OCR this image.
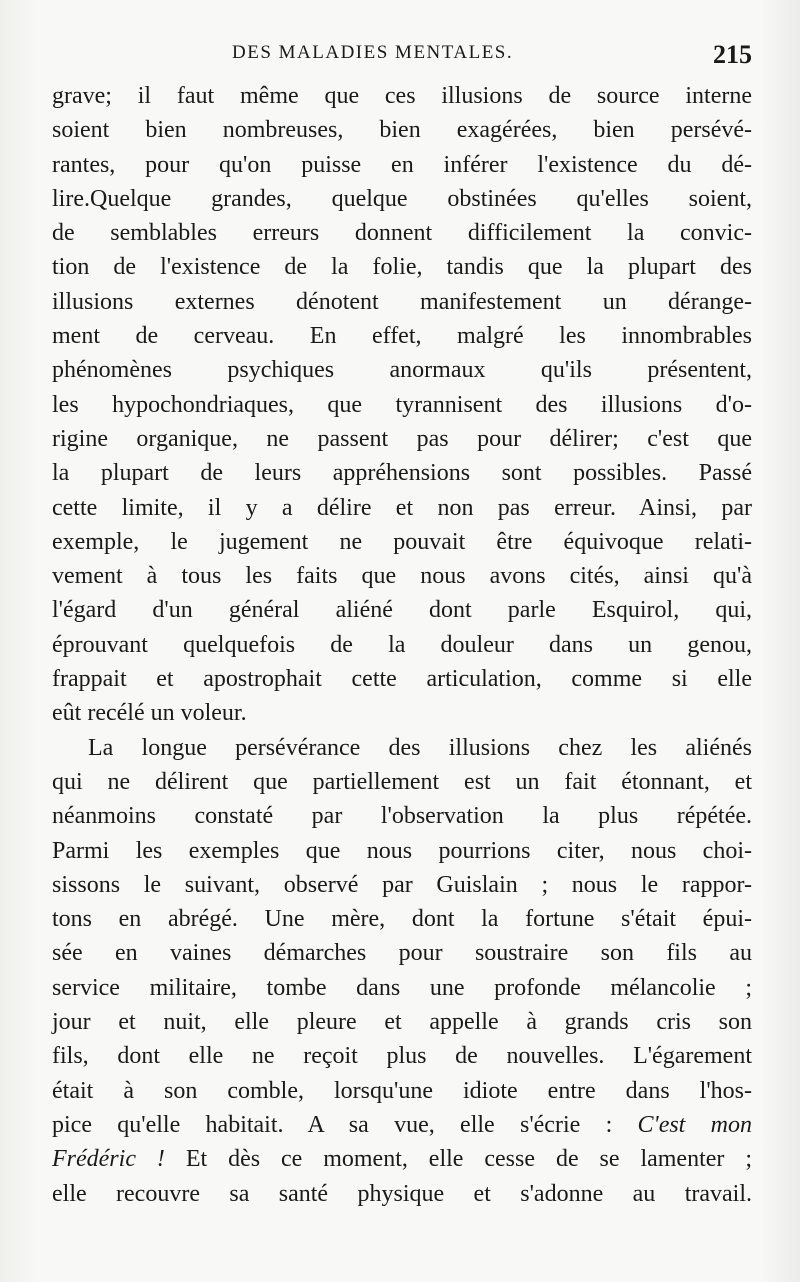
DES MALADIES MENTALES.	215
grave; il faut même que ces illusions de source interne
soient bien nombreuses, bien exagérées, bien persévé-
rantes, pour qu'on puisse en inférer l'existence du dé-
lire.Quelque grandes, quelque obstinées qu'elles soient,
de semblables erreurs donnent difficilement la convic-
tion de l'existence de la folie, tandis que la plupart des
illusions externes dénotent manifestement un dérange-
ment de cerveau. En effet, malgré les innombrables
phénomènes psychiques anormaux qu'ils présentent,
les hypochondriaques, que tyrannisent des illusions d'o-
rigine organique, ne passent pas pour délirer; c'est que
la plupart de leurs appréhensions sont possibles. Passé
cette limite, il y a délire et non pas erreur. Ainsi, par
exemple, le jugement ne pouvait être équivoque relati-
vement à tous les faits que nous avons cités, ainsi qu'à
l'égard d'un général aliéné dont parle Esquirol, qui,
éprouvant quelquefois de la douleur dans un genou,
frappait et apostrophait cette articulation, comme si elle
eût recélé un voleur.
La longue persévérance des illusions chez les aliénés
qui ne délirent que partiellement est un fait étonnant, et
néanmoins constaté par l'observation la plus répétée.
Parmi les exemples que nous pourrions citer, nous choi-
sissons le suivant, observé par Guislain ; nous le rappor-
tons en abrégé. Une mère, dont la fortune s'était épui-
sée en vaines démarches pour soustraire son fils au
service militaire, tombe dans une profonde mélancolie ;
jour et nuit, elle pleure et appelle à grands cris son
fils, dont elle ne reçoit plus de nouvelles. L'égarement
était à son comble, lorsqu'une idiote entre dans l'hos-
pice qu'elle habitait. A sa vue, elle s'écrie : C'est mon
Frédéric ! Et dès ce moment, elle cesse de se lamenter ;
elle recouvre sa santé physique et s'adonne au travail.
